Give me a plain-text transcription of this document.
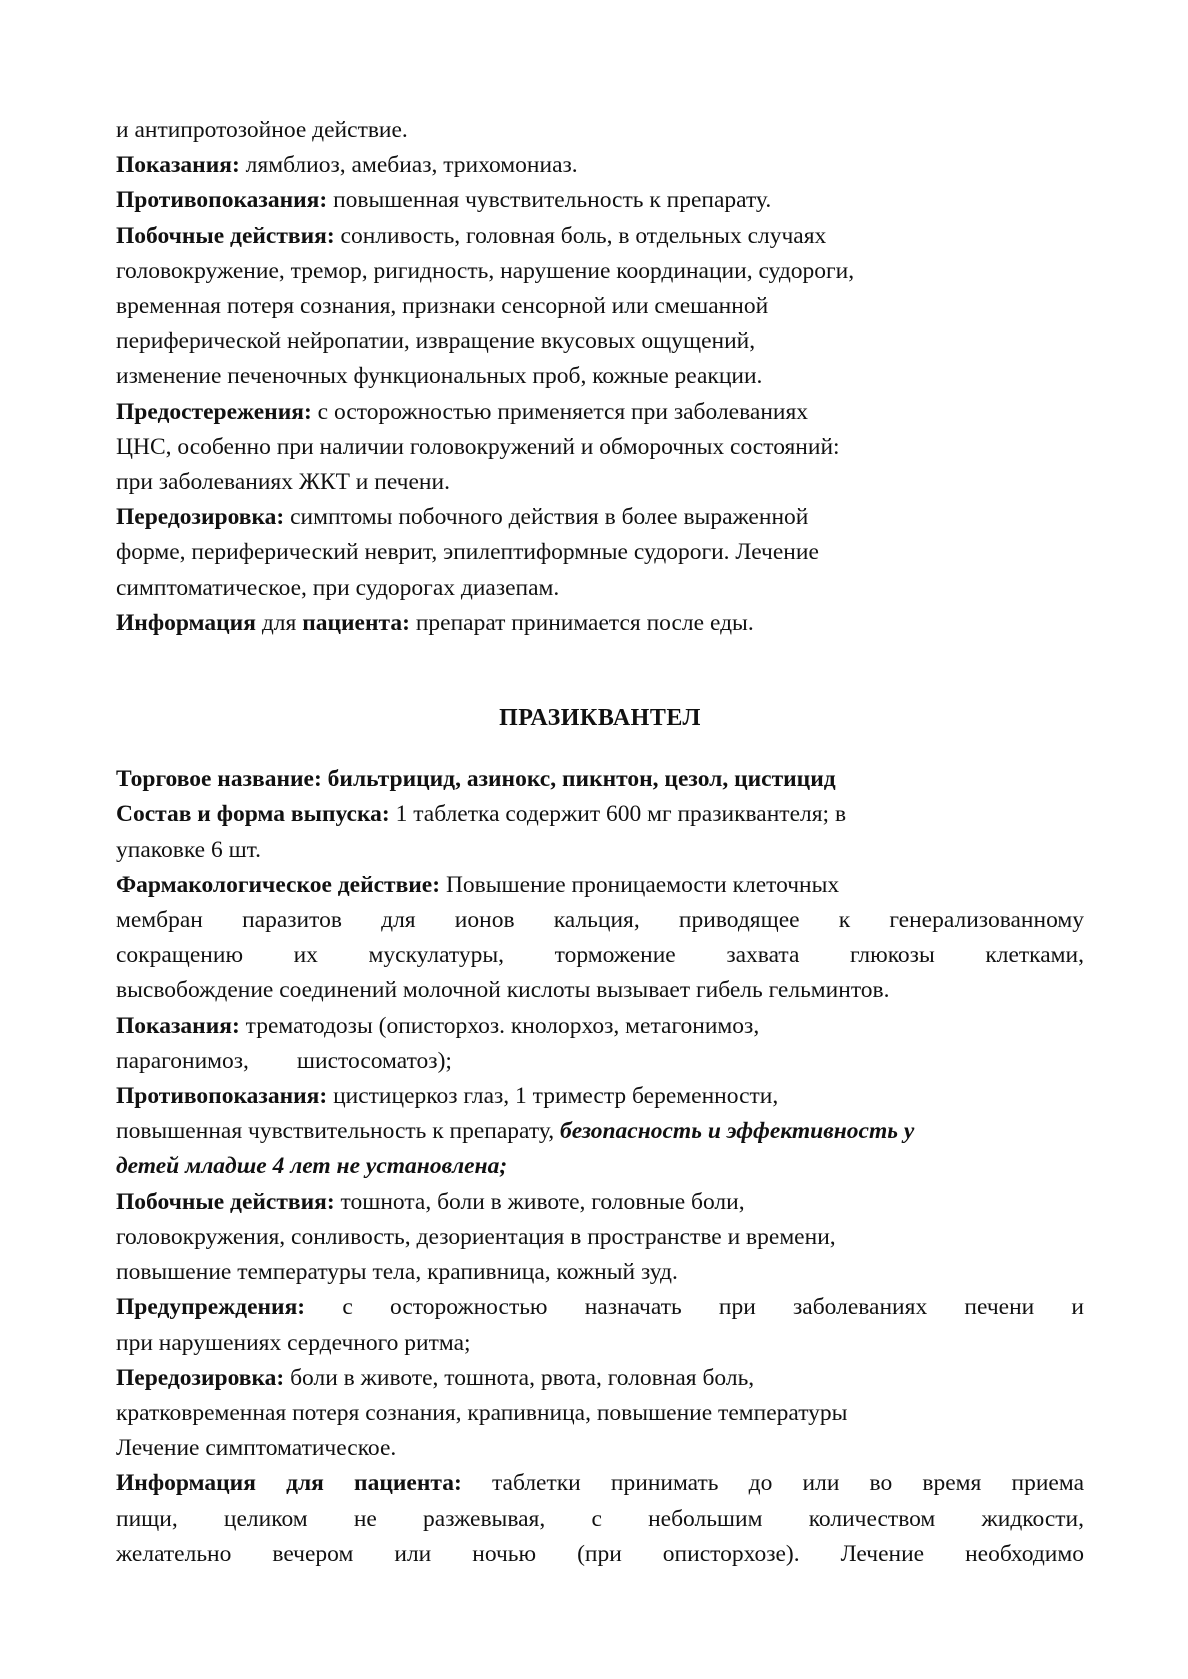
и антипротозойное действие.
Показания: лямблиоз, амебиаз, трихомониаз.
Противопоказания: повышенная чувствительность к препарату.
Побочные действия: сонливость, головная боль, в отдельных случаях
головокружение, тремор, ригидность, нарушение координации, судороги,
временная потеря сознания, признаки сенсорной или смешанной
периферической нейропатии, извращение вкусовых ощущений,
изменение печеночных функциональных проб, кожные реакции.
Предостережения: с осторожностью применяется при заболеваниях
ЦНС, особенно при наличии головокружений и обморочных состояний:
при заболеваниях ЖКТ и печени.
Передозировка: симптомы побочного действия в более выраженной
форме, периферический неврит, эпилептиформные судороги. Лечение
симптоматическое, при судорогах диазепам.
Информация для пациента: препарат принимается после еды.
ПРАЗИКВАНТЕЛ
Торговое название: бильтрицид, азинокс, пикнтон, цезол, цистицид
Состав и форма выпуска: 1 таблетка содержит 600 мг празиквантеля; в
упаковке 6 шт.
Фармакологическое действие: Повышение проницаемости клеточных
мембран паразитов для ионов кальция, приводящее к генерализованному
сокращению их мускулатуры, торможение захвата глюкозы клетками,
высвобождение соединений молочной кислоты вызывает гибель гельминтов.
Показания: трематодозы (описторхоз. кнолорхоз, метагонимоз,
парагонимоз, шистосоматоз);
Противопоказания: цистицеркоз глаз, 1 триместр беременности,
повышенная чувствительность к препарату, безопасность и эффективность у
детей младше 4 лет не установлена;
Побочные действия: тошнота, боли в животе, головные боли,
головокружения, сонливость, дезориентация в пространстве и времени,
повышение температуры тела, крапивница, кожный зуд.
Предупреждения: с осторожностью назначать при заболеваниях печени и
при нарушениях сердечного ритма;
Передозировка: боли в животе, тошнота, рвота, головная боль,
кратковременная потеря сознания, крапивница, повышение температуры
Лечение симптоматическое.
Информация для пациента: таблетки принимать до или во время приема
пищи, целиком не разжевывая, с небольшим количеством жидкости,
желательно вечером или ночью (при описторхозе). Лечение необходимо
